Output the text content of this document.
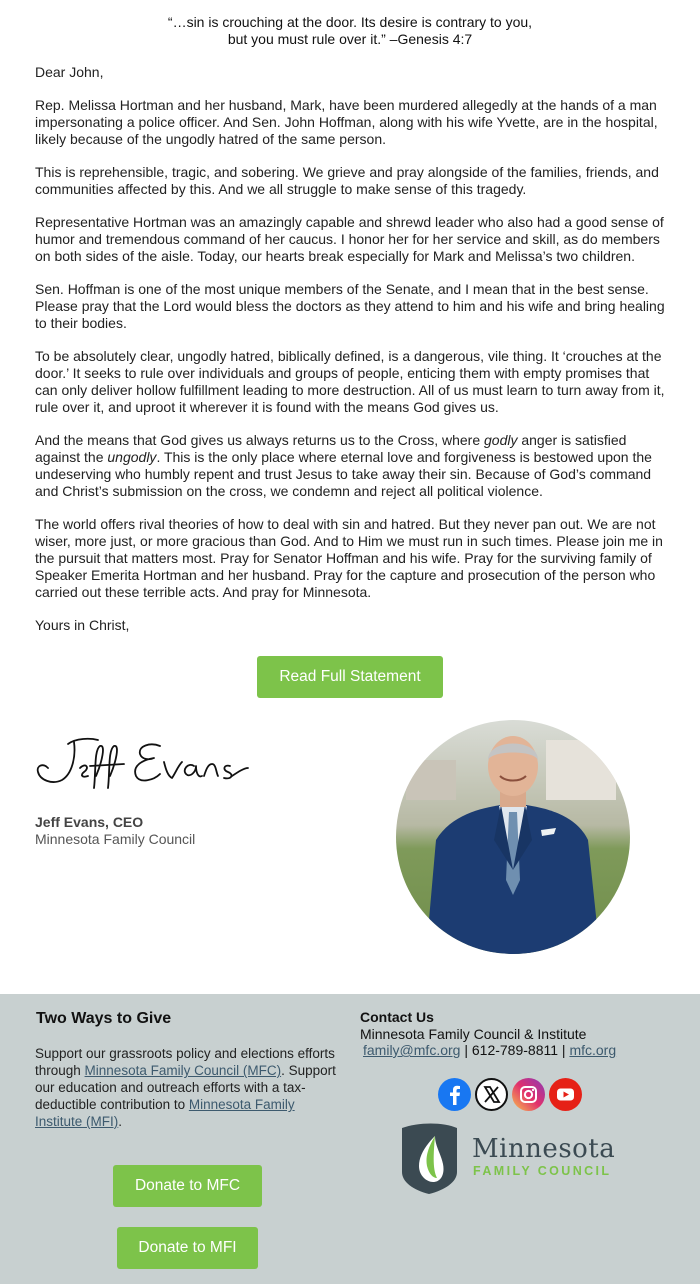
“…sin is crouching at the door. Its desire is contrary to you,
but you must rule over it.” –Genesis 4:7

Dear John,

Rep. Melissa Hortman and her husband, Mark, have been murdered allegedly at the hands of a man impersonating a police officer. And Sen. John Hoffman, along with his wife Yvette, are in the hospital, likely because of the ungodly hatred of the same person.

This is reprehensible, tragic, and sobering. We grieve and pray alongside of the families, friends, and communities affected by this. And we all struggle to make sense of this tragedy.

Representative Hortman was an amazingly capable and shrewd leader who also had a good sense of humor and tremendous command of her caucus. I honor her for her service and skill, as do members on both sides of the aisle. Today, our hearts break especially for Mark and Melissa’s two children.

Sen. Hoffman is one of the most unique members of the Senate, and I mean that in the best sense. Please pray that the Lord would bless the doctors as they attend to him and his wife and bring healing to their bodies.

To be absolutely clear, ungodly hatred, biblically defined, is a dangerous, vile thing. It ‘crouches at the door.’ It seeks to rule over individuals and groups of people, enticing them with empty promises that can only deliver hollow fulfillment leading to more destruction. All of us must learn to turn away from it, rule over it, and uproot it wherever it is found with the means God gives us.

And the means that God gives us always returns us to the Cross, where godly anger is satisfied against the ungodly. This is the only place where eternal love and forgiveness is bestowed upon the undeserving who humbly repent and trust Jesus to take away their sin. Because of God’s command and Christ’s submission on the cross, we condemn and reject all political violence.

The world offers rival theories of how to deal with sin and hatred. But they never pan out. We are not wiser, more just, or more gracious than God. And to Him we must run in such times. Please join me in the pursuit that matters most. Pray for Senator Hoffman and his wife. Pray for the surviving family of Speaker Emerita Hortman and her husband. Pray for the capture and prosecution of the person who carried out these terrible acts. And pray for Minnesota.

Yours in Christ,

Read Full Statement
Jeff Evans, CEO
Minnesota Family Council
Two Ways to Give
Support our grassroots policy and elections efforts through Minnesota Family Council (MFC). Support our education and outreach efforts with a tax-deductible contribution to Minnesota Family Institute (MFI).
Donate to MFC
Donate to MFI
Contact Us
Minnesota Family Council & Institute
family@mfc.org | 612-789-8811 | mfc.org
Minnesota
FAMILY COUNCIL
